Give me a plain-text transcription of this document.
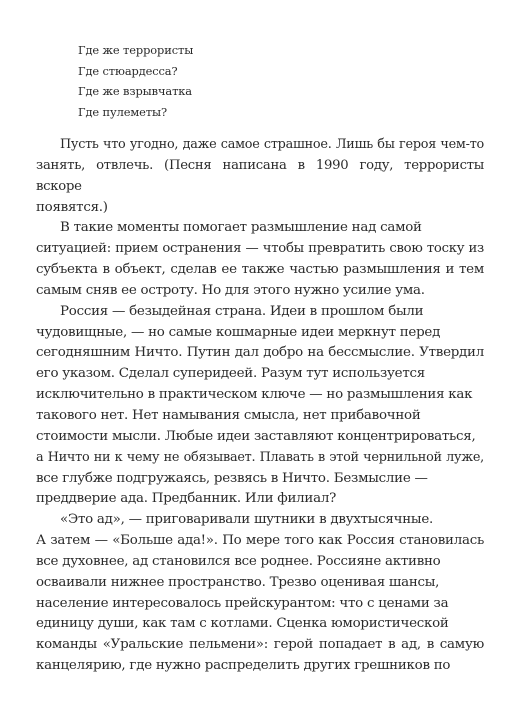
Где же террористы
Где стюардесса?
Где же взрывчатка
Где пулеметы?
Пусть что угодно, даже самое страшное. Лишь бы героя чем-то
занять, отвлечь. (Песня написана в 1990 году, террористы вскоре
появятся.)
В такие моменты помогает размышление над самой
ситуацией: прием остранения — чтобы превратить свою тоску из
субъекта в объект, сделав ее также частью размышления и тем
самым сняв ее остроту. Но для этого нужно усилие ума.
Россия — безыдейная страна. Идеи в прошлом были
чудовищные, — но самые кошмарные идеи меркнут перед
сегодняшним Ничто. Путин дал добро на бессмыслие. Утвердил
его указом. Сделал суперидеей. Разум тут используется
исключительно в практическом ключе — но размышления как
такового нет. Нет намывания смысла, нет прибавочной
стоимости мысли. Любые идеи заставляют концентрироваться,
а Ничто ни к чему не обязывает. Плавать в этой чернильной луже,
все глубже подгружаясь, резвясь в Ничто. Безмыслие —
преддверие ада. Предбанник. Или филиал?
«Это ад», — приговаривали шутники в двухтысячные.
А затем — «Больше ада!». По мере того как Россия становилась
все духовнее, ад становился все роднее. Россияне активно
осваивали нижнее пространство. Трезво оценивая шансы,
население интересовалось прейскурантом: что с ценами за
единицу души, как там с котлами. Сценка юмористической
команды «Уральские пельмени»: герой попадает в ад, в самую
канцелярию, где нужно распределить других грешников по
